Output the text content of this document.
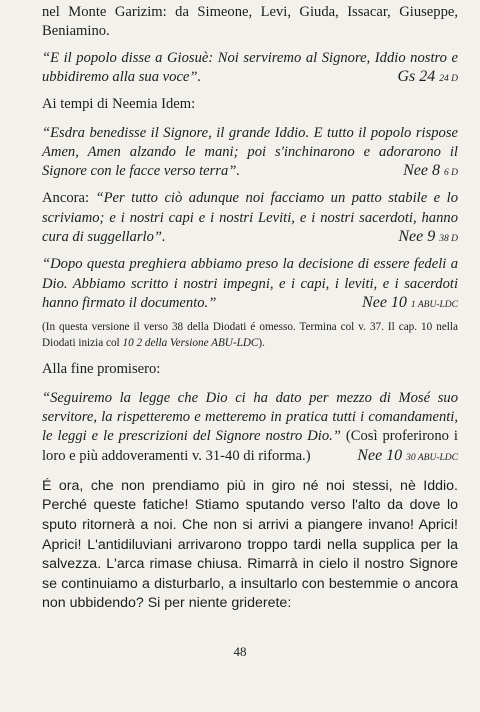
nel Monte Garizim: da Simeone, Levi, Giuda, Issacar, Giuseppe, Beniamino.

“E il popolo disse a Giosuè: Noi serviremo al Signore, Iddio nostro e ubbidiremo alla sua voce”.	Gs 24 24 D

Ai tempi di Neemia Idem:

“Esdra benedisse il Signore, il grande Iddio. E tutto il popolo rispose Amen, Amen alzando le mani; poi s'inchinarono e adorarono il Signore con le facce verso terra”.	Nee 8 6 D

Ancora: “Per tutto ciò adunque noi facciamo un patto stabile e lo scriviamo; e i nostri capi e i nostri Leviti, e i nostri sacerdoti, hanno cura di suggellarlo”.	Nee 9 38 D

“Dopo questa preghiera abbiamo preso la decisione di essere fedeli a Dio. Abbiamo scritto i nostri impegni, e i capi, i leviti, e i sacerdoti hanno firmato il documento.”	Nee 10 1 ABU-LDC

(In questa versione il verso 38 della Diodati é omesso. Termina col v. 37. Il cap. 10 nella Diodati inizia col 10 2 della Versione ABU-LDC).

Alla fine promisero:

“Seguiremo la legge che Dio ci ha dato per mezzo di Mosé suo servitore, la rispetteremo e metteremo in pratica tutti i comandamenti, le leggi e le prescrizioni del Signore nostro Dio.” (Così proferirono i loro e più addoveramenti v. 31-40 di riforma.)	Nee 10 30 ABU-LDC

É ora, che non prendiamo più in giro né noi stessi, nè Iddio. Perché queste fatiche! Stiamo sputando verso l'alto da dove lo sputo ritornerà a noi. Che non si arrivi a piangere invano! Aprici! Aprici! L'antidiluviani arrivarono troppo tardi nella supplica per la salvezza. L'arca rimase chiusa. Rimarrà in cielo il nostro Signore se continuiamo a disturbarlo, a insultarlo con bestemmie o ancora non ubbidendo? Si per niente griderete:

48
